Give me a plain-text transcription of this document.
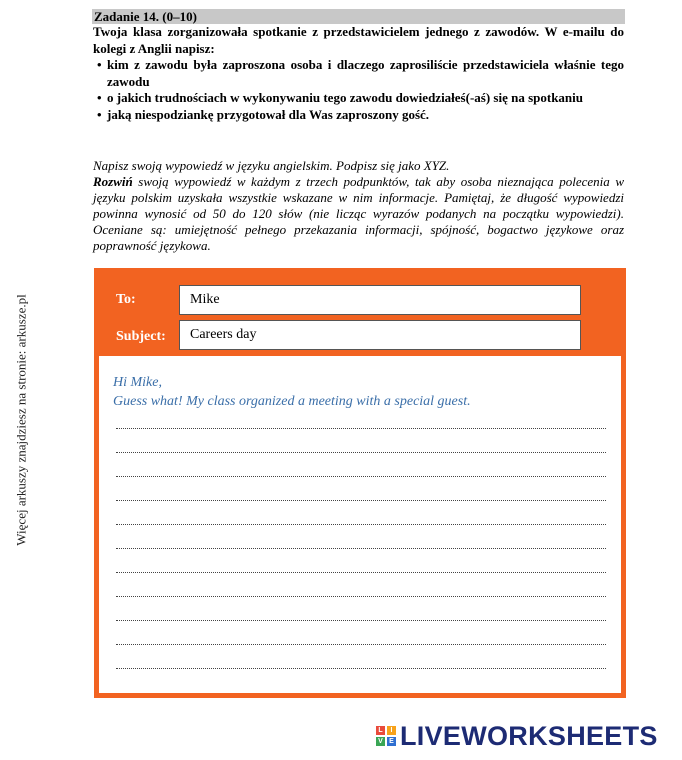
Więcej arkuszy znajdziesz na stronie: arkusze.pl
Zadanie 14. (0–10)
Twoja klasa zorganizowała spotkanie z przedstawicielem jednego z zawodów. W e-mailu do kolegi z Anglii napisz:
• kim z zawodu była zaproszona osoba i dlaczego zaprosiliście przedstawiciela właśnie tego zawodu
• o jakich trudnościach w wykonywaniu tego zawodu dowiedziałeś(-aś) się na spotkaniu
• jaką niespodziankę przygotował dla Was zaproszony gość.

Napisz swoją wypowiedź w języku angielskim. Podpisz się jako XYZ.

Rozwiń swoją wypowiedź w każdym z trzech podpunktów, tak aby osoba nieznająca polecenia w języku polskim uzyskała wszystkie wskazane w nim informacje. Pamiętaj, że długość wypowiedzi powinna wynosić od 50 do 120 słów (nie licząc wyrazów podanych na początku wypowiedzi). Oceniane są: umiejętność pełnego przekazania informacji, spójność, bogactwo językowe oraz poprawność językowa.

To:	Mike
Subject:	Careers day
Hi Mike,
Guess what! My class organized a meeting with a special guest.
L	I
V E LIVEWORKSHEETS
